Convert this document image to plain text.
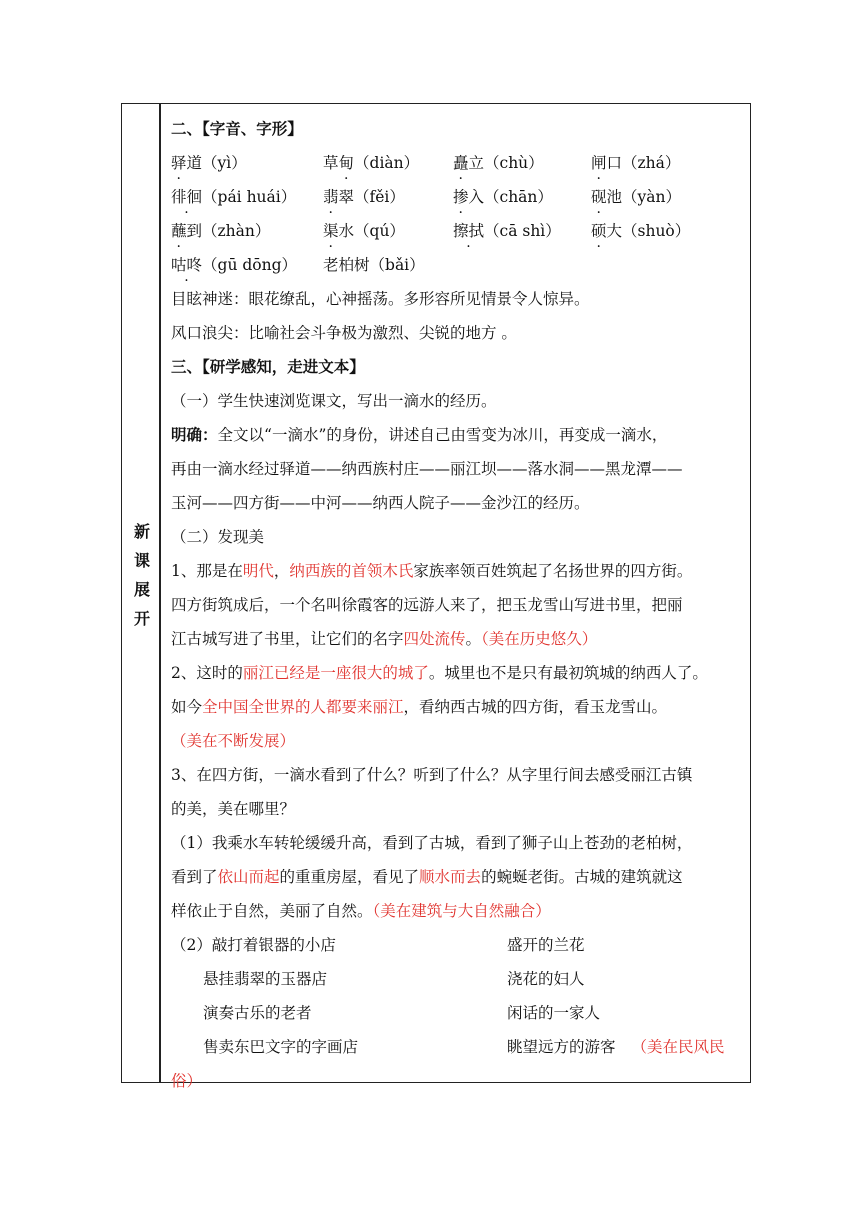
新
课
展
开
二、【字音、字形】
驿道（yì）	草甸（diàn）	矗立（chù）	闸口（zhá）
徘徊（pái huái）	翡翠（fěi）	掺入（chān）	砚池（yàn）
蘸到（zhàn）	渠水（qú）	擦拭（cā shì）	硕大（shuò）
咕咚（gū dōng）	老柏树（bǎi）
目眩神迷：眼花缭乱，心神摇荡。多形容所见情景令人惊异。
风口浪尖：比喻社会斗争极为激烈、尖锐的地方 。
三、【研学感知，走进文本】
（一）学生快速浏览课文，写出一滴水的经历。
明确：全文以“一滴水”的身份，讲述自己由雪变为冰川，再变成一滴水，
再由一滴水经过驿道——纳西族村庄——丽江坝——落水洞——黑龙潭——
玉河——四方街——中河——纳西人院子——金沙江的经历。
（二）发现美
1、那是在明代，纳西族的首领木氏家族率领百姓筑起了名扬世界的四方街。
四方街筑成后，一个名叫徐霞客的远游人来了，把玉龙雪山写进书里，把丽
江古城写进了书里，让它们的名字四处流传。（美在历史悠久）
2、这时的丽江已经是一座很大的城了。城里也不是只有最初筑城的纳西人了。
如今全中国全世界的人都要来丽江，看纳西古城的四方街，看玉龙雪山。
（美在不断发展）
3、在四方街，一滴水看到了什么？听到了什么？从字里行间去感受丽江古镇
的美，美在哪里？
（1）我乘水车转轮缓缓升高，看到了古城，看到了狮子山上苍劲的老柏树，
看到了依山而起的重重房屋，看见了顺水而去的蜿蜒老街。古城的建筑就这
样依止于自然，美丽了自然。（美在建筑与大自然融合）
（2）敲打着银器的小店	盛开的兰花
悬挂翡翠的玉器店	浇花的妇人
演奏古乐的老者	闲话的一家人
售卖东巴文字的字画店	眺望远方的游客 （美在民风民
俗）
